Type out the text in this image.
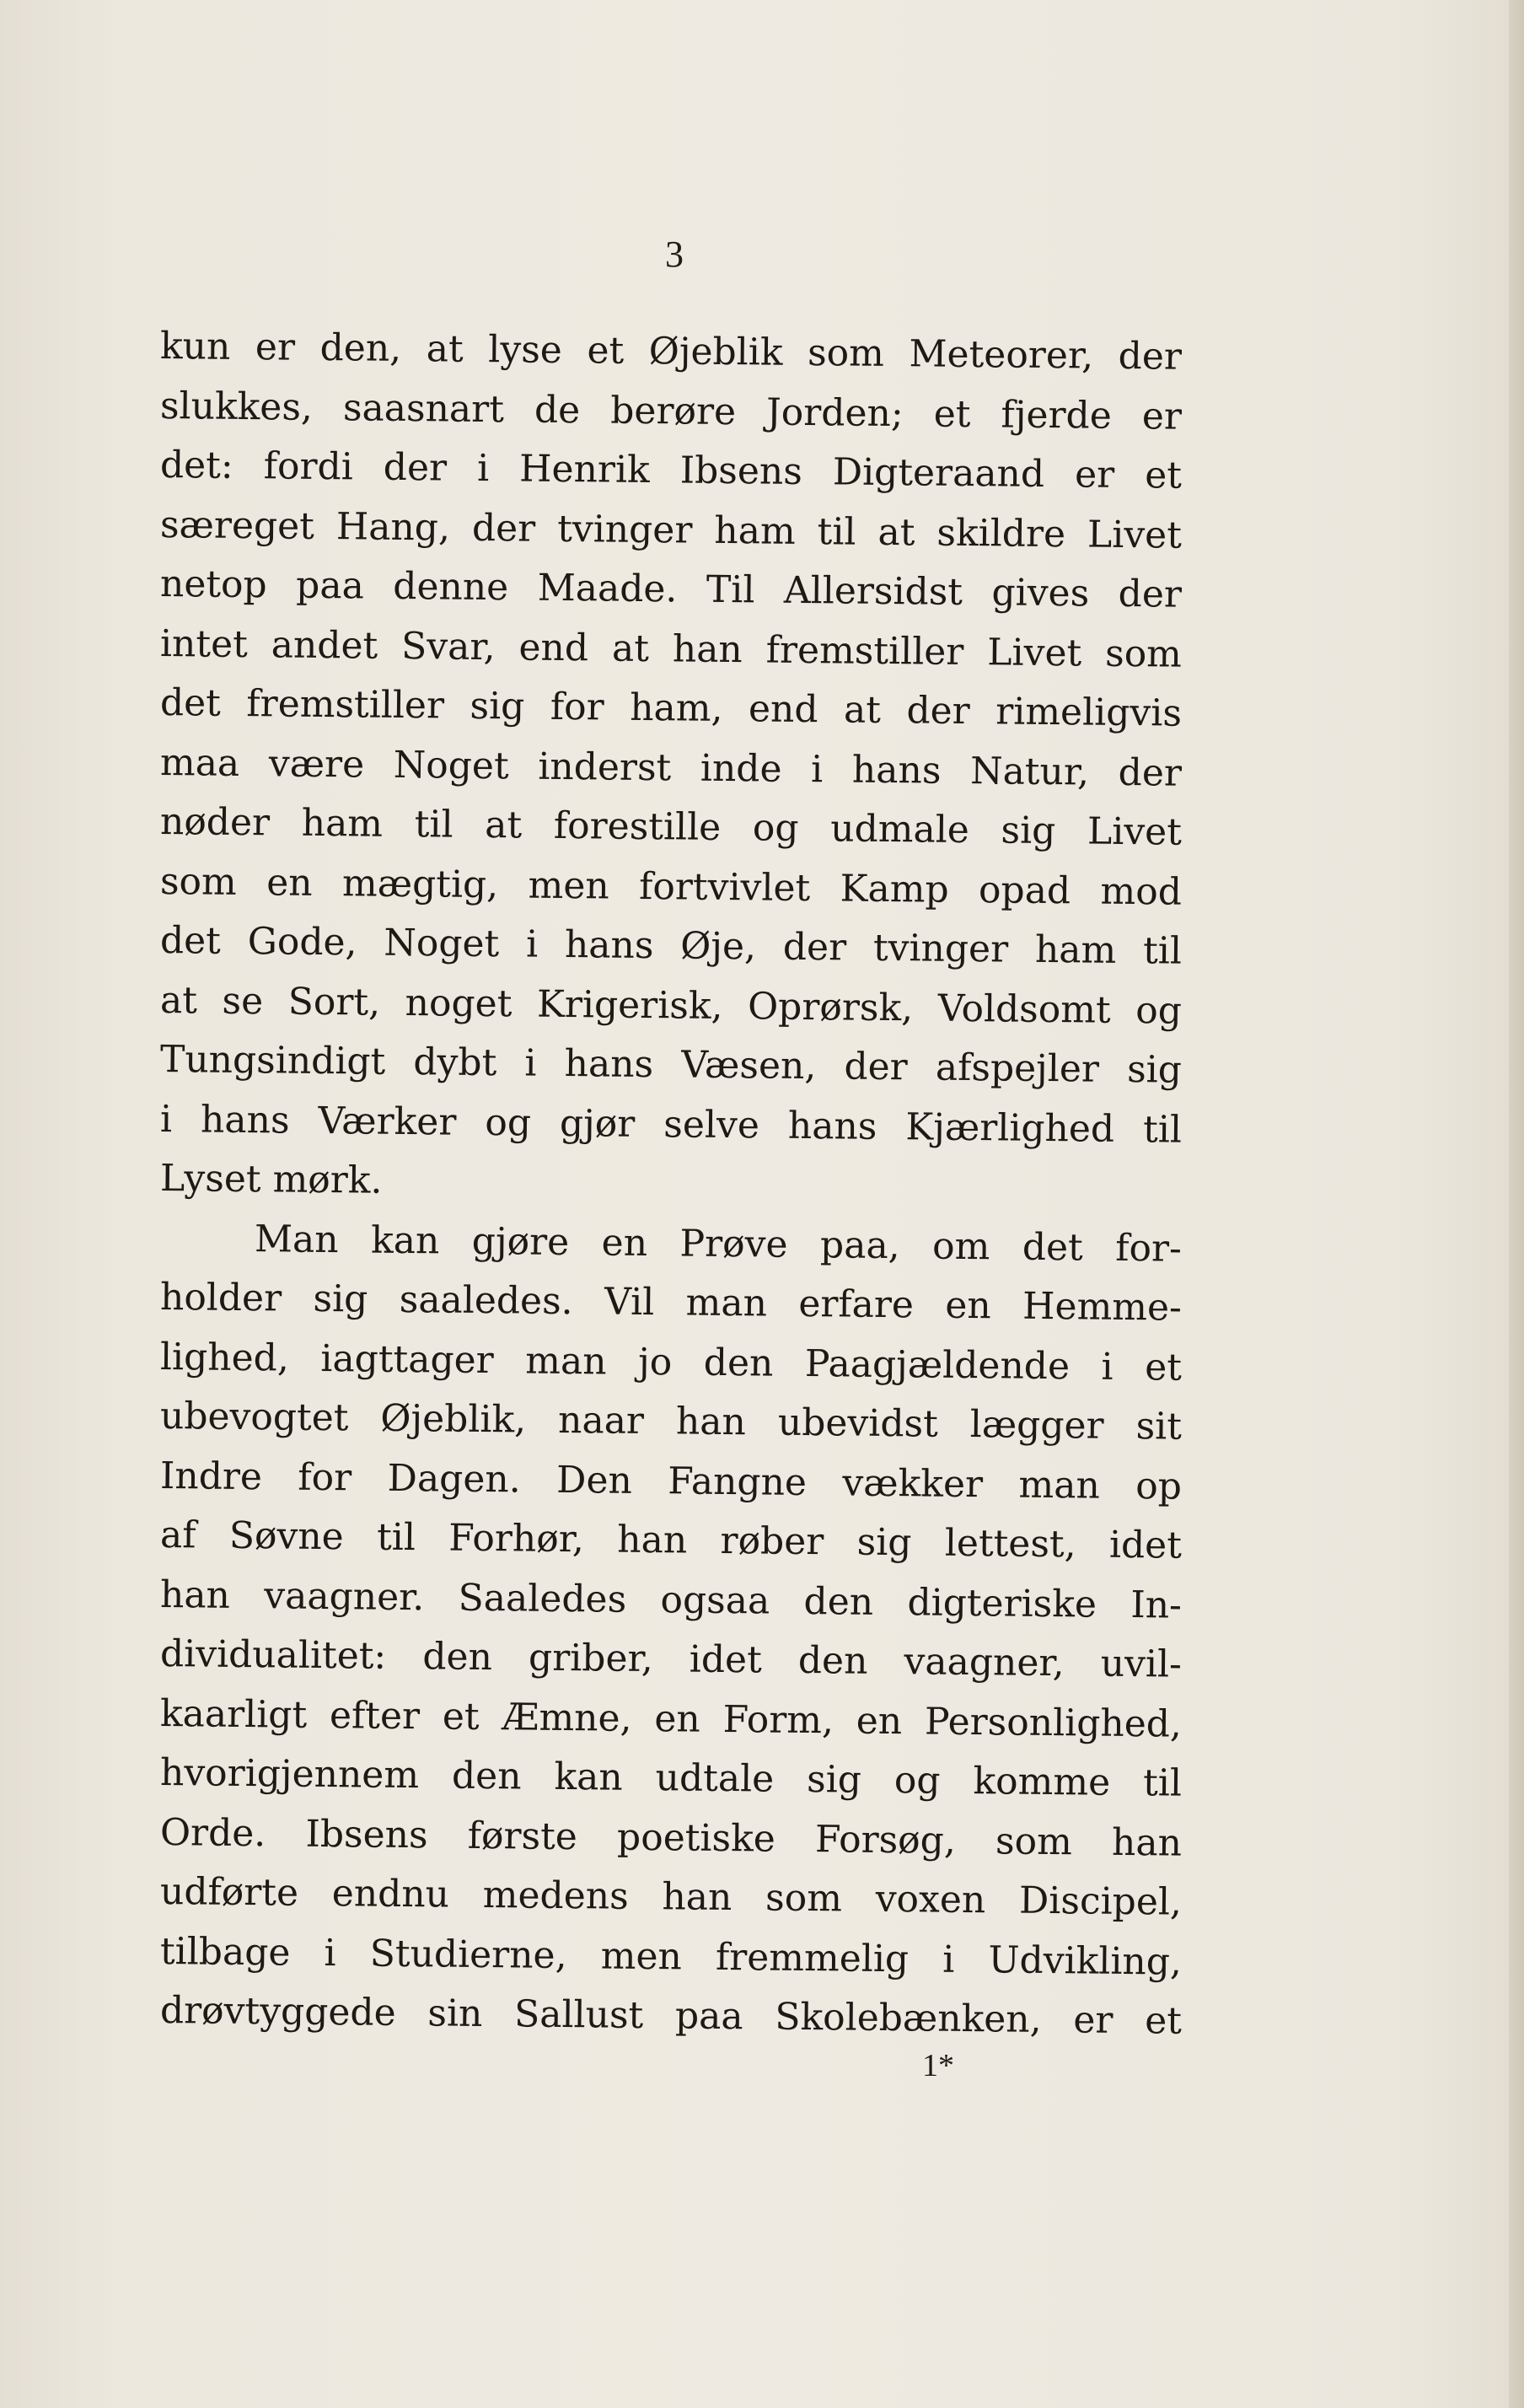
3
kun er den, at lyse et Øjeblik som Meteorer, der
slukkes, saasnart de berøre Jorden; et fjerde er
det: fordi der i Henrik Ibsens Digteraand er et
særeget Hang, der tvinger ham til at skildre Livet
netop paa denne Maade. Til Allersidst gives der
intet andet Svar, end at han fremstiller Livet som
det fremstiller sig for ham, end at der rimeligvis
maa være Noget inderst inde i hans Natur, der
nøder ham til at forestille og udmale sig Livet
som en mægtig, men fortvivlet Kamp opad mod
det Gode, Noget i hans Øje, der tvinger ham til
at se Sort, noget Krigerisk, Oprørsk, Voldsomt og
Tungsindigt dybt i hans Væsen, der afspejler sig
i hans Værker og gjør selve hans Kjærlighed til
Lyset mørk.
Man kan gjøre en Prøve paa, om det for-
holder sig saaledes. Vil man erfare en Hemme-
lighed, iagttager man jo den Paagjældende i et
ubevogtet Øjeblik, naar han ubevidst lægger sit
Indre for Dagen. Den Fangne vækker man op
af Søvne til Forhør, han røber sig lettest, idet
han vaagner. Saaledes ogsaa den digteriske In-
dividualitet: den griber, idet den vaagner, uvil-
kaarligt efter et Æmne, en Form, en Personlighed,
hvorigjennem den kan udtale sig og komme til
Orde. Ibsens første poetiske Forsøg, som han
udførte endnu medens han som voxen Discipel,
tilbage i Studierne, men fremmelig i Udvikling,
drøvtyggede sin Sallust paa Skolebænken, er et
1*
